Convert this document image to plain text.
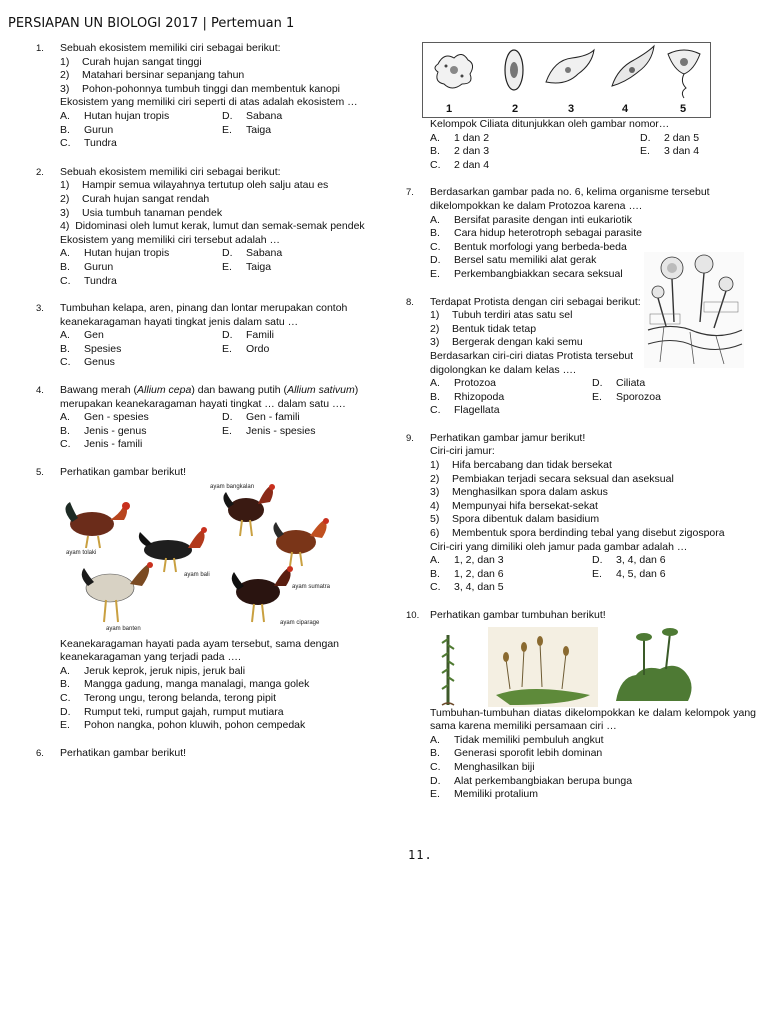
PERSIAPAN UN BIOLOGI 2017 | Pertemuan 1
1. Sebuah ekosistem memiliki ciri sebagai berikut:
1)	Curah hujan sangat tinggi
2)	Matahari bersinar sepanjang tahun
3)	Pohon-pohonnya tumbuh tinggi dan membentuk kanopi
Ekosistem yang memiliki ciri seperti di atas adalah ekosistem …
A.	Hutan hujan tropis	D.	Sabana
B.	Gurun	E.	Taiga
C.	Tundra
2. Sebuah ekosistem memiliki ciri sebagai berikut:
1)	Hampir semua wilayahnya tertutup oleh salju atau es
2)	Curah hujan sangat rendah
3)	Usia tumbuh tanaman pendek
4) Didominasi oleh lumut kerak, lumut dan semak-semak pendek
Ekosistem yang memiliki ciri tersebut adalah …
A.	Hutan hujan tropis	D.	Sabana
B.	Gurun	E.	Taiga
C.	Tundra
3. Tumbuhan kelapa, aren, pinang dan lontar merupakan contoh keanekaragaman hayati tingkat jenis dalam satu …
A.	Gen	D.	Famili
B.	Spesies	E.	Ordo
C.	Genus
4. Bawang merah (Allium cepa) dan bawang putih (Allium sativum) merupakan keanekaragaman hayati tingkat … dalam satu ….
A.	Gen - spesies	D.	Gen - famili
B.	Jenis - genus	E.	Jenis - spesies
C.	Jenis - famili
5. Perhatikan gambar berikut!
ayam tolaki
ayam bangkalan
ayam bali
ayam sumatra
ayam banten
ayam ciparage
Keanekaragaman hayati pada ayam tersebut, sama dengan keanekaragaman yang terjadi pada ….
A.	Jeruk keprok, jeruk nipis, jeruk bali
B.	Mangga gadung, manga manalagi, manga golek
C.	Terong ungu, terong belanda, terong pipit
D.	Rumput teki, rumput gajah, rumput mutiara
E.	Pohon nangka, pohon kluwih, pohon cempedak
6. Perhatikan gambar berikut!
1	2	3	4	5
Kelompok Ciliata ditunjukkan oleh gambar nomor…
A.	1 dan 2	D.	2 dan 5
B.	2 dan 3	E.	3 dan 4
C.	2 dan 4
7. Berdasarkan gambar pada no. 6, kelima organisme tersebut dikelompokkan ke dalam Protozoa karena ….
A.	Bersifat parasite dengan inti eukariotik
B.	Cara hidup heterotroph sebagai parasite
C.	Bentuk morfologi yang berbeda-beda
D.	Bersel satu memiliki alat gerak
E.	Perkembangbiakkan secara seksual
8. Terdapat Protista dengan ciri sebagai berikut:
1)	Tubuh terdiri atas satu sel
2)	Bentuk tidak tetap
3)	Bergerak dengan kaki semu
Berdasarkan ciri-ciri diatas Protista tersebut digolongkan ke dalam kelas ….
A.	Protozoa	D.	Ciliata
B.	Rhizopoda	E.	Sporozoa
C.	Flagellata
9. Perhatikan gambar jamur berikut!
Ciri-ciri jamur:
1)	Hifa bercabang dan tidak bersekat
2)	Pembiakan terjadi secara seksual dan aseksual
3)	Menghasilkan spora dalam askus
4)	Mempunyai hifa bersekat-sekat
5)	Spora dibentuk dalam basidium
6)	Membentuk spora berdinding tebal yang disebut zigospora
Ciri-ciri yang dimiliki oleh jamur pada gambar adalah …
A.	1, 2, dan 3	D.	3, 4, dan 6
B.	1, 2, dan 6	E.	4, 5, dan 6
C.	3, 4, dan 5
10. Perhatikan gambar tumbuhan berikut!
Tumbuhan-tumbuhan diatas dikelompokkan ke dalam kelompok yang sama karena memiliki persamaan ciri …
A.	Tidak memiliki pembuluh angkut
B.	Generasi sporofit lebih dominan
C.	Menghasilkan biji
D.	Alat perkembangbiakan berupa bunga
E.	Memiliki protalium
11.
